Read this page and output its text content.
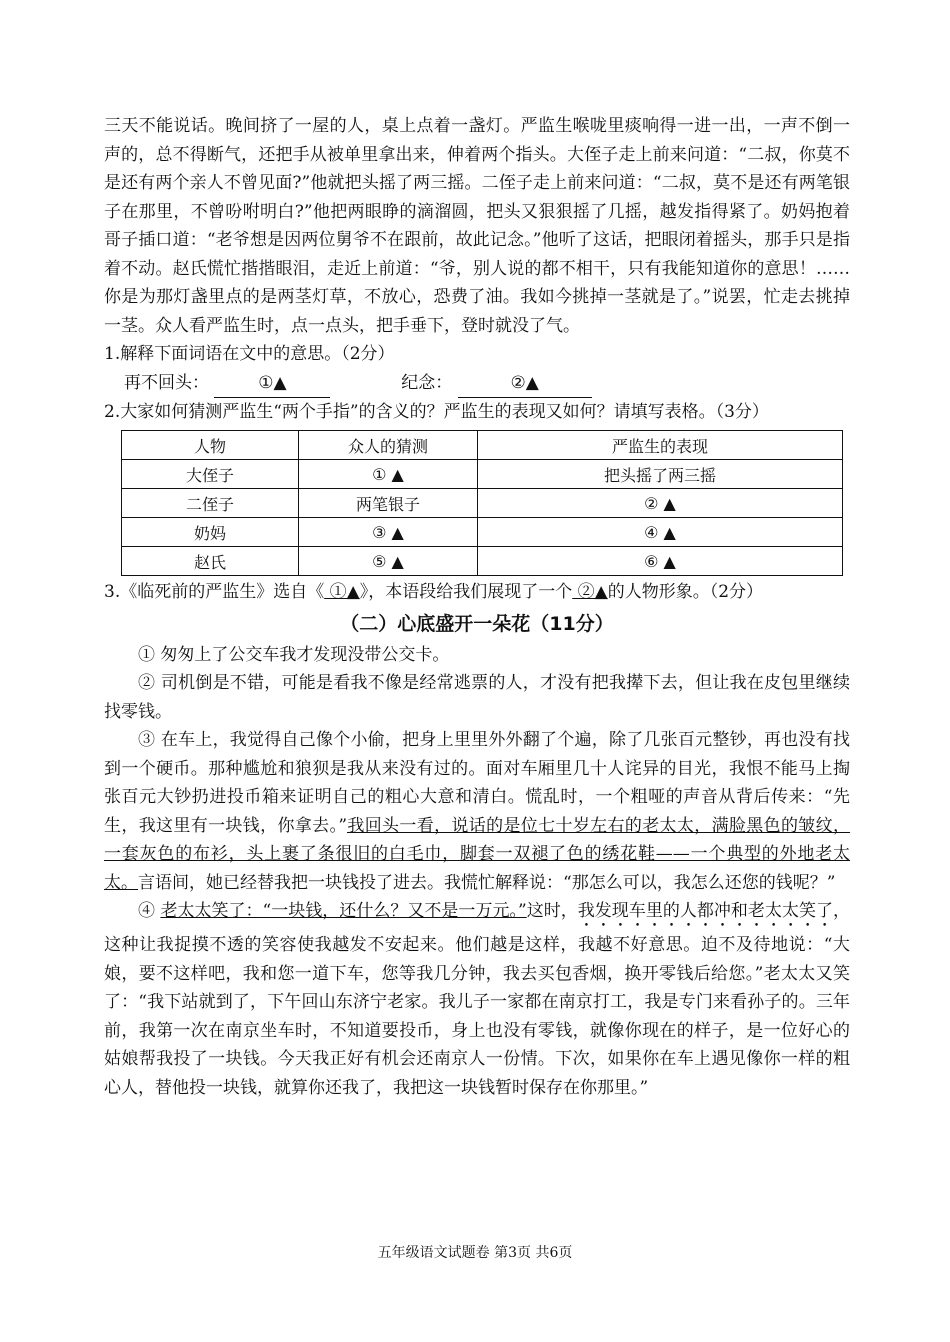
三天不能说话。晚间挤了一屋的人，桌上点着一盏灯。严监生喉咙里痰响得一进一出，一声不倒一声的，总不得断气，还把手从被单里拿出来，伸着两个指头。大侄子走上前来问道：“二叔，你莫不是还有两个亲人不曾见面?”他就把头摇了两三摇。二侄子走上前来问道：“二叔，莫不是还有两笔银子在那里，不曾吩咐明白?”他把两眼睁的滴溜圆，把头又狠狠摇了几摇，越发指得紧了。奶妈抱着哥子插口道：“老爷想是因两位舅爷不在跟前，故此记念。”他听了这话，把眼闭着摇头，那手只是指着不动。赵氏慌忙揩揩眼泪，走近上前道：“爷，别人说的都不相干，只有我能知道你的意思！……你是为那灯盏里点的是两茎灯草，不放心，恐费了油。我如今挑掉一茎就是了。”说罢，忙走去挑掉一茎。众人看严监生时，点一点头，把手垂下，登时就没了气。

1.解释下面词语在文中的意思。（2分）

再不回头：	①▲	纪念：	②▲

2.大家如何猜测严监生“两个手指”的含义的？严监生的表现又如何？请填写表格。（3分）

人物	众人的猜测	严监生的表现
大侄子	① ▲	把头摇了两三摇
二侄子	两笔银子	② ▲
奶妈	③ ▲	④ ▲
赵氏	⑤ ▲	⑥ ▲

3.《临死前的严监生》选自《 ①▲》，本语段给我们展现了一个 ②▲的人物形象。（2分）

（二）心底盛开一朵花（11分）

① 匆匆上了公交车我才发现没带公交卡。

② 司机倒是不错，可能是看我不像是经常逃票的人，才没有把我撵下去，但让我在皮包里继续找零钱。

③ 在车上，我觉得自己像个小偷，把身上里里外外翻了个遍，除了几张百元整钞，再也没有找到一个硬币。那种尴尬和狼狈是我从来没有过的。面对车厢里几十人诧异的目光，我恨不能马上掏张百元大钞扔进投币箱来证明自己的粗心大意和清白。慌乱时，一个粗哑的声音从背后传来：“先生，我这里有一块钱，你拿去。”我回头一看，说话的是位七十岁左右的老太太，满脸黑色的皱纹，一套灰色的布衫，头上裹了条很旧的白毛巾，脚套一双褪了色的绣花鞋——一个典型的外地老太太。言语间，她已经替我把一块钱投了进去。我慌忙解释说：“那怎么可以，我怎么还您的钱呢？”

④ 老太太笑了：“一块钱，还什么？又不是一万元。”这时，我发现车里的人都冲和老太太笑了，这种让我捉摸不透的笑容使我越发不安起来。他们越是这样，我越不好意思。迫不及待地说：“大娘，要不这样吧，我和您一道下车，您等我几分钟，我去买包香烟，换开零钱后给您。”老太太又笑了：“我下站就到了，下午回山东济宁老家。我儿子一家都在南京打工，我是专门来看孙子的。三年前，我第一次在南京坐车时，不知道要投币，身上也没有零钱，就像你现在的样子，是一位好心的姑娘帮我投了一块钱。今天我正好有机会还南京人一份情。下次，如果你在车上遇见像你一样的粗心人，替他投一块钱，就算你还我了，我把这一块钱暂时保存在你那里。”

五年级语文试题卷 第3页 共6页
